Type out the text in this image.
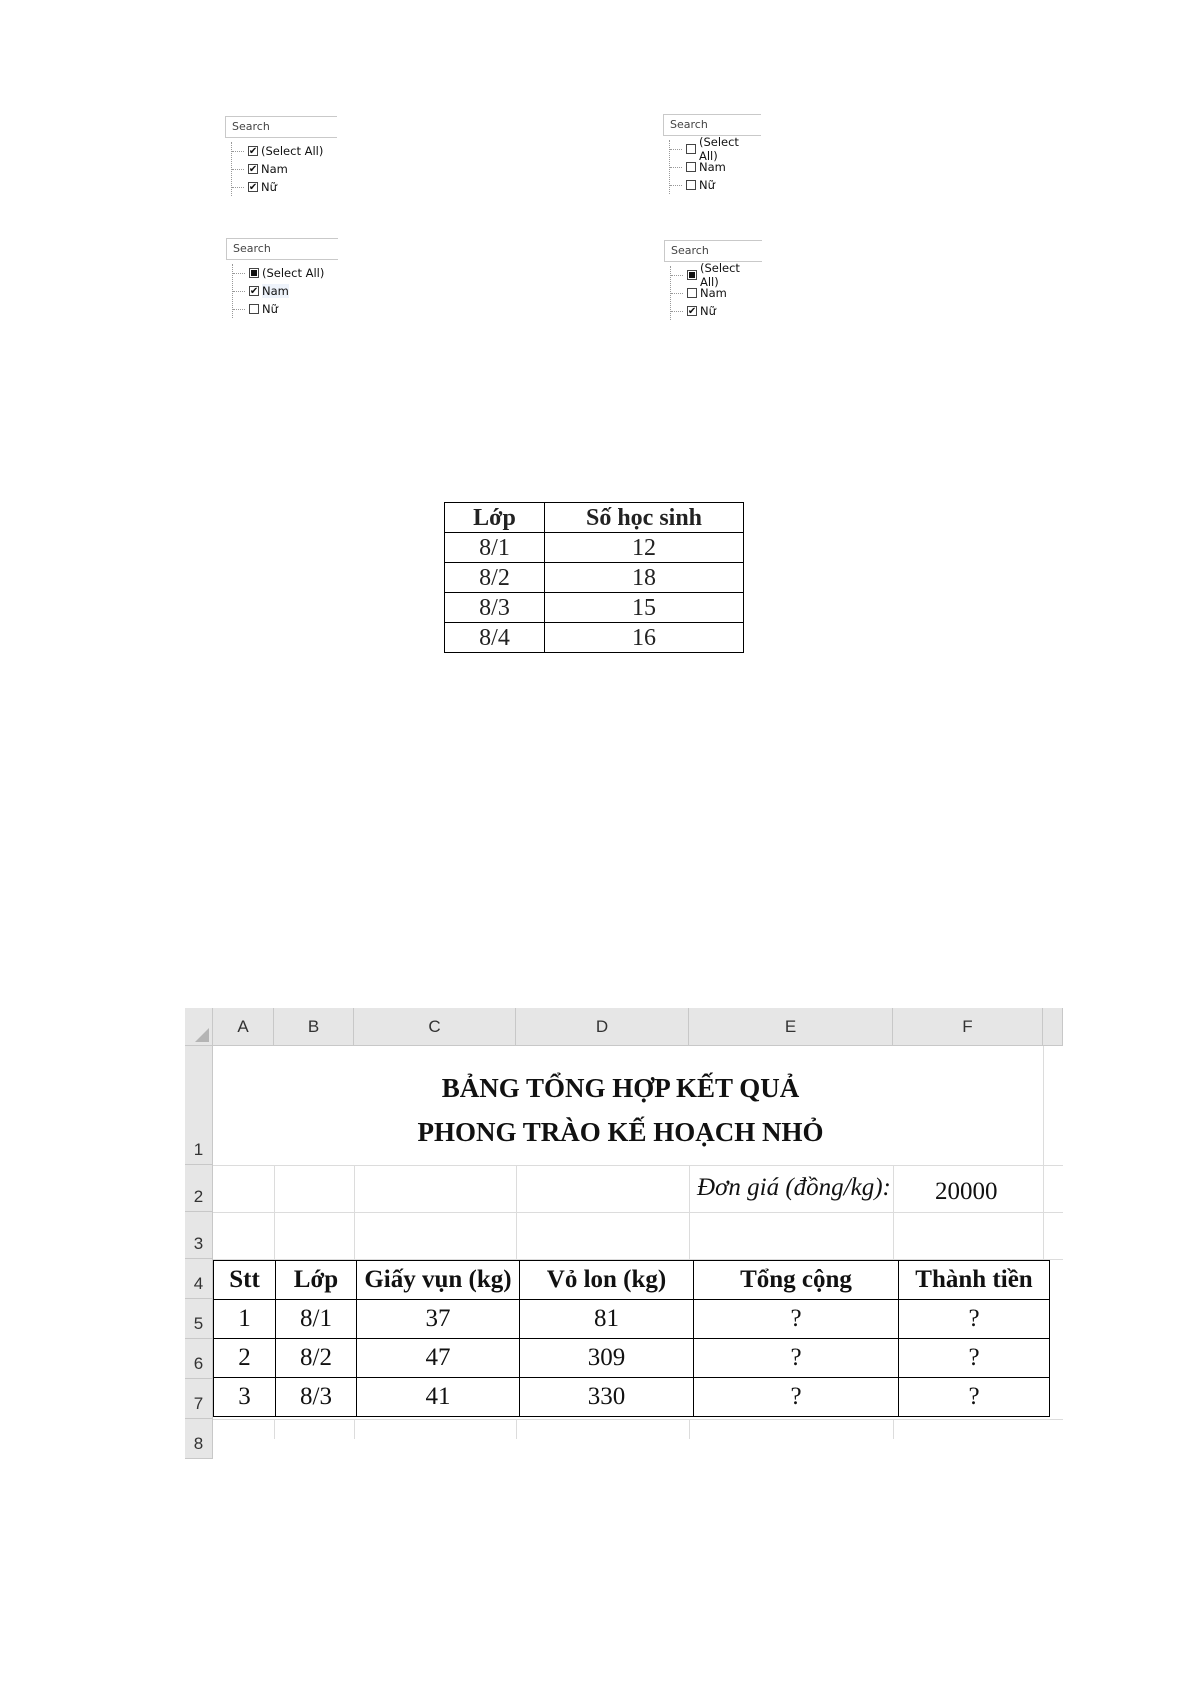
Search
✔ (Select All)
✔ Nam
✔ Nữ
Search
(Select All)
Nam
Nữ
Search
(Select All)
✔ Nam
Nữ
Search
(Select All)
Nam
✔ Nữ
Lớp	Số học sinh
8/1	12
8/2	18
8/3	15
8/4	16
A	B	C	D	E	F
1
2
3
4
5
6
7
8
BẢNG TỔNG HỢP KẾT QUẢ
PHONG TRÀO KẾ HOẠCH NHỎ
Đơn giá (đồng/kg): 20000
Stt	Lớp	Giấy vụn (kg)	Vỏ lon (kg)	Tổng cộng	Thành tiền
1	8/1	37	81	?	?
2	8/2	47	309	?	?
3	8/3	41	330	?	?
